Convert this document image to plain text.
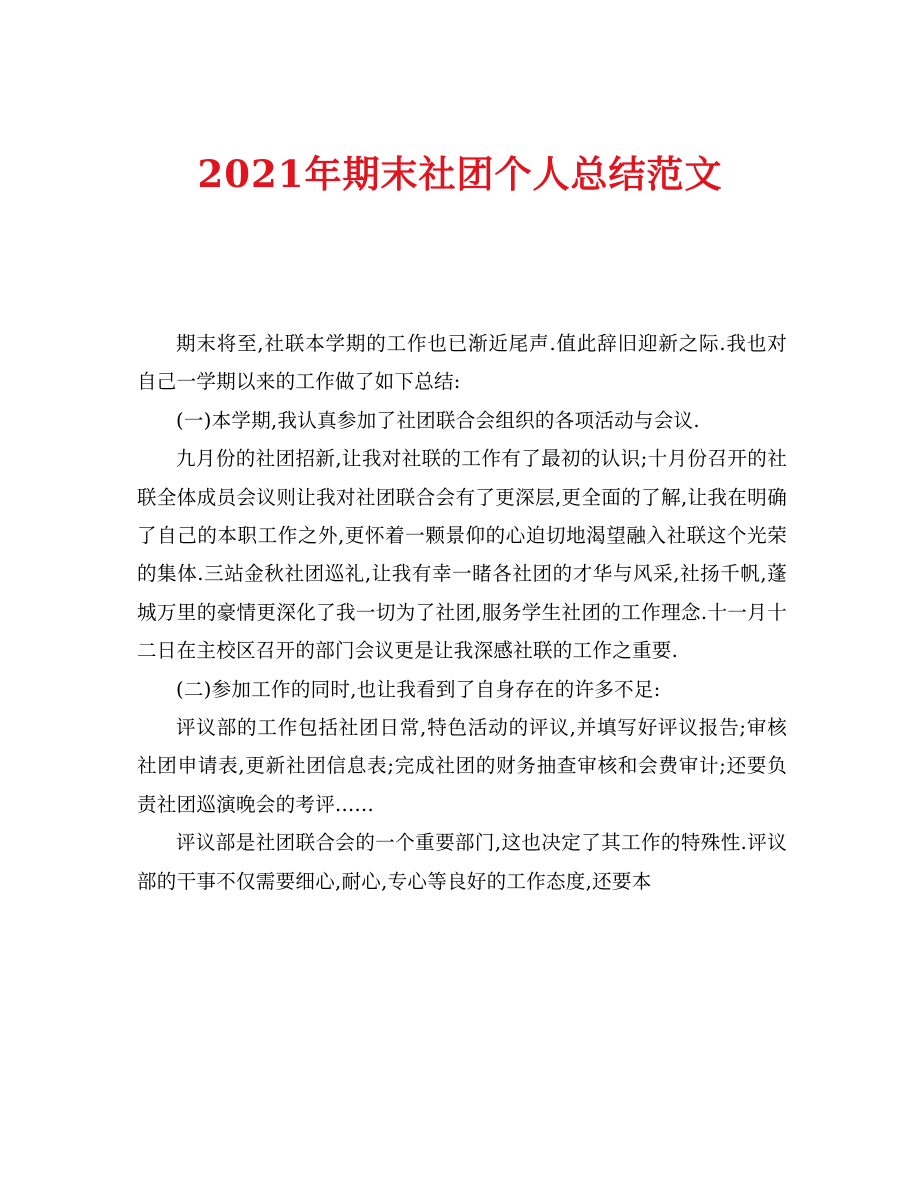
2021年期末社团个人总结范文

期末将至,社联本学期的工作也已渐近尾声.值此辞旧迎新之际.我也对自己一学期以来的工作做了如下总结:

(一)本学期,我认真参加了社团联合会组织的各项活动与会议.

九月份的社团招新,让我对社联的工作有了最初的认识;十月份召开的社联全体成员会议则让我对社团联合会有了更深层,更全面的了解,让我在明确了自己的本职工作之外,更怀着一颗景仰的心迫切地渴望融入社联这个光荣的集体.三站金秋社团巡礼,让我有幸一睹各社团的才华与风采,社扬千帆,蓬城万里的豪情更深化了我一切为了社团,服务学生社团的工作理念.十一月十二日在主校区召开的部门会议更是让我深感社联的工作之重要.

(二)参加工作的同时,也让我看到了自身存在的许多不足:

评议部的工作包括社团日常,特色活动的评议,并填写好评议报告;审核社团申请表,更新社团信息表;完成社团的财务抽查审核和会费审计;还要负责社团巡演晚会的考评......

评议部是社团联合会的一个重要部门,这也决定了其工作的特殊性.评议部的干事不仅需要细心,耐心,专心等良好的工作态度,还要本
